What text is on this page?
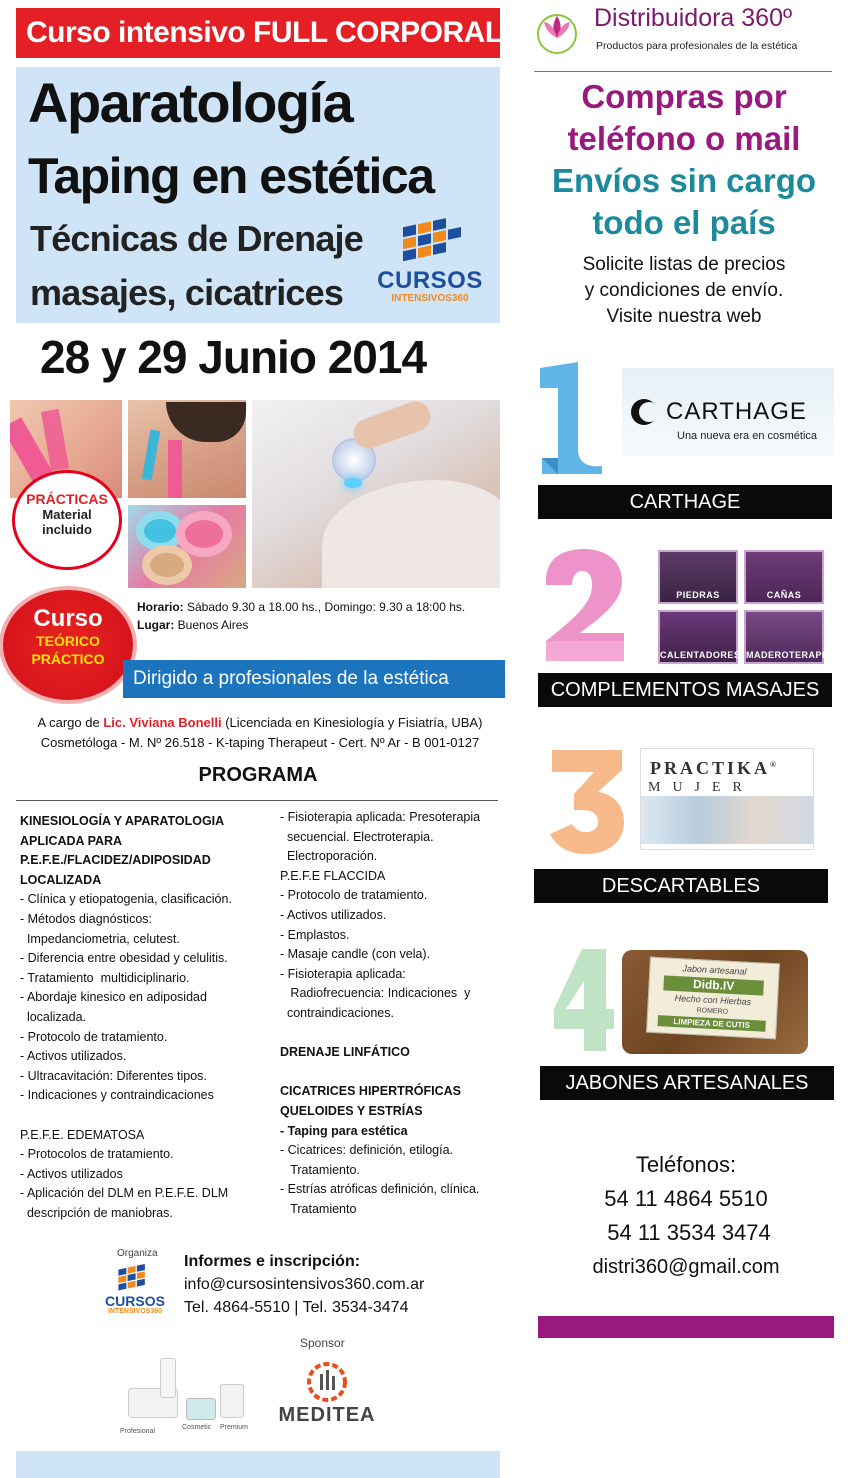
Curso intensivo FULL CORPORAL
Aparatología
Taping en estética
Técnicas de Drenaje
masajes, cicatrices CURSOS
INTENSIVOS360
28 y 29 Junio 2014
PRÁCTICAS
Material
incluido
Curso
TEÓRICO
PRÁCTICO
Horario: Sábado 9.30 a 18.00 hs., Domingo: 9.30 a 18:00 hs.
Lugar: Buenos Aires
Dirigido a profesionales de la estética
A cargo de Lic. Viviana Bonelli (Licenciada en Kinesiología y Fisiatría, UBA)
Cosmetóloga - M. Nº 26.518 - K-taping Therapeut - Cert. Nº Ar - B 001-0127
PROGRAMA
KINESIOLOGÍA Y APARATOLOGIA
APLICADA PARA
P.E.F.E./FLACIDEZ/ADIPOSIDAD
LOCALIZADA
- Clínica y etiopatogenia, clasificación.
- Métodos diagnósticos:
Impedanciometria, celutest.
- Diferencia entre obesidad y celulitis.
- Tratamiento  multidiciplinario.
- Abordaje kinesico en adiposidad
localizada.
- Protocolo de tratamiento.
- Activos utilizados.
- Ultracavitación: Diferentes tipos.
- Indicaciones y contraindicaciones
P.E.F.E. EDEMATOSA
- Protocolos de tratamiento.
- Activos utilizados
- Aplicación del DLM en P.E.F.E. DLM
descripción de maniobras.
- Fisioterapia aplicada: Presoterapia
secuencial. Electroterapia.
Electroporación.
P.E.F.E FLACCIDA
- Protocolo de tratamiento.
- Activos utilizados.
- Emplastos.
- Masaje candle (con vela).
- Fisioterapia aplicada:
Radiofrecuencia: Indicaciones  y
contraindicaciones.
DRENAJE LINFÁTICO
CICATRICES HIPERTRÓFICAS
QUELOIDES Y ESTRÍAS
- Taping para estética
- Cicatrices: definición, etilogía.
Tratamiento.
- Estrías atróficas definición, clínica.
Tratamiento
Organiza
CURSOS
INTENSIVOS360
Informes e inscripción:
info@cursosintensivos360.com.ar
Tel. 4864-5510 | Tel. 3534-3474
Profesional
Cosmetic Premium
Sponsor
MEDITEA
Distribuidora 360º
Productos para profesionales de la estética
Compras por
teléfono o mail
Envíos sin cargo
todo el país
Solicite listas de precios
y condiciones de envío.
Visite nuestra web
CARTHAGE
Una nueva era en cosmética
CARTHAGE
PIEDRAS	CAÑAS
CALENTADORES MADEROTERAPIA
COMPLEMENTOS MASAJES
PRACTIKA®
MUJER
DESCARTABLES
Jabon artesanal
Didb.IV
Hecho con Hierbas
ROMERO
LIMPIEZA DE CUTIS
JABONES ARTESANALES
Teléfonos:
54 11 4864 5510
54 11 3534 3474
distri360@gmail.com
